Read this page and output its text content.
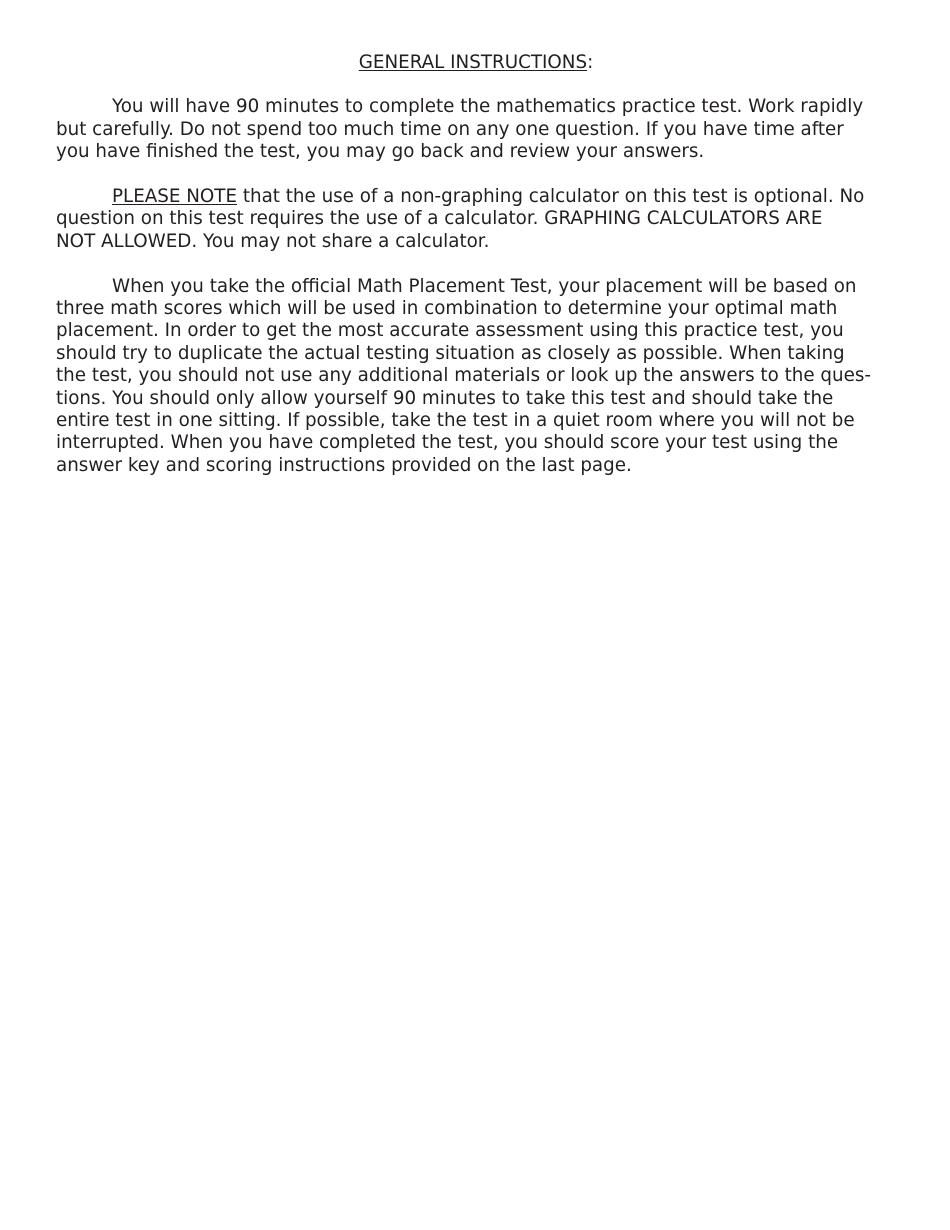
GENERAL INSTRUCTIONS:
You will have 90 minutes to complete the mathematics practice test. Work rapidly
but carefully. Do not spend too much time on any one question. If you have time after
you have finished the test, you may go back and review your answers.
PLEASE NOTE that the use of a non-graphing calculator on this test is optional. No
question on this test requires the use of a calculator. GRAPHING CALCULATORS ARE
NOT ALLOWED. You may not share a calculator.
When you take the official Math Placement Test, your placement will be based on
three math scores which will be used in combination to determine your optimal math
placement. In order to get the most accurate assessment using this practice test, you
should try to duplicate the actual testing situation as closely as possible. When taking
the test, you should not use any additional materials or look up the answers to the ques-
tions. You should only allow yourself 90 minutes to take this test and should take the
entire test in one sitting. If possible, take the test in a quiet room where you will not be
interrupted. When you have completed the test, you should score your test using the
answer key and scoring instructions provided on the last page.
